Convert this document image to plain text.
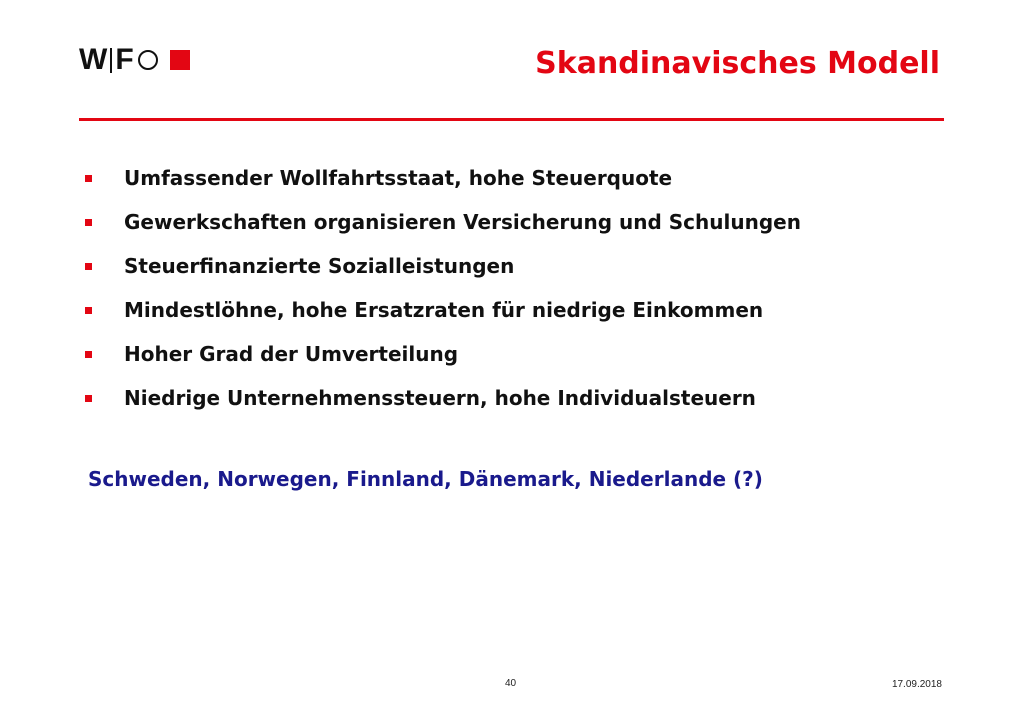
W F	Skandinavisches Modell
Umfassender Wollfahrtsstaat, hohe Steuerquote
Gewerkschaften organisieren Versicherung und Schulungen
Steuerfinanzierte Sozialleistungen
Mindestlöhne, hohe Ersatzraten für niedrige Einkommen
Hoher Grad der Umverteilung
Niedrige Unternehmenssteuern, hohe Individualsteuern
Schweden, Norwegen, Finnland, Dänemark, Niederlande (?)
40	17.09.2018
